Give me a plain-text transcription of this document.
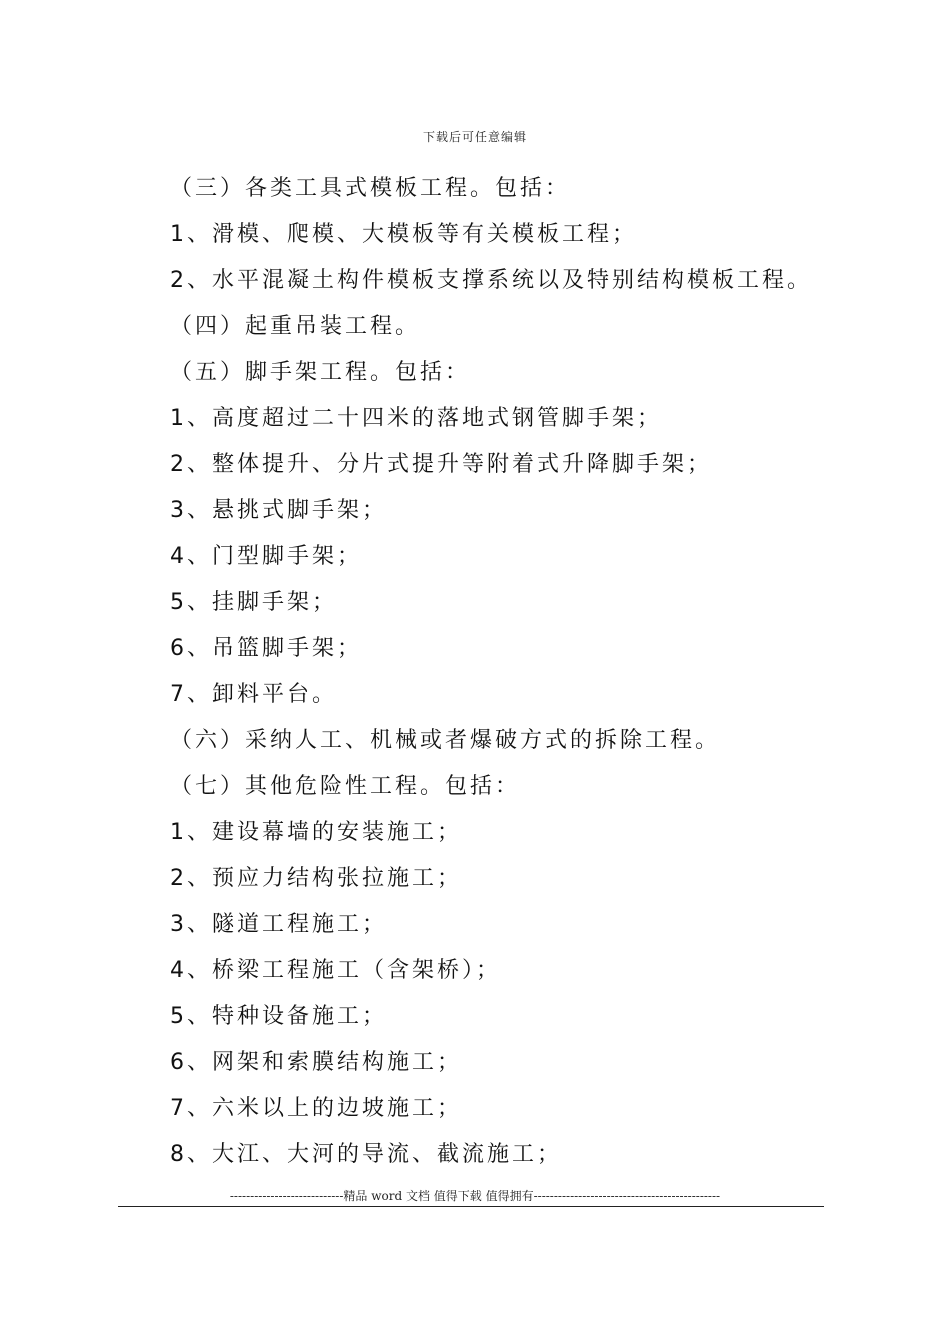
下载后可任意编辑
（三）各类工具式模板工程。包括：
1、滑模、爬模、大模板等有关模板工程；
2、水平混凝土构件模板支撑系统以及特别结构模板工程。
（四）起重吊装工程。
（五）脚手架工程。包括：
1、高度超过二十四米的落地式钢管脚手架；
2、整体提升、分片式提升等附着式升降脚手架；
3、悬挑式脚手架；
4、门型脚手架；
5、挂脚手架；
6、吊篮脚手架；
7、卸料平台。
（六）采纳人工、机械或者爆破方式的拆除工程。
（七）其他危险性工程。包括：
1、建设幕墙的安装施工；
2、预应力结构张拉施工；
3、隧道工程施工；
4、桥梁工程施工（含架桥）；
5、特种设备施工；
6、网架和索膜结构施工；
7、六米以上的边坡施工；
8、大江、大河的导流、截流施工；
----------------------------精品 word 文档 值得下载 值得拥有----------------------------------------------
